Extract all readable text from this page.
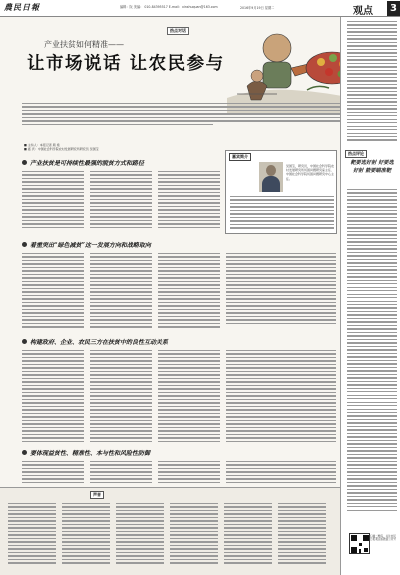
農民日報	编辑：阮 美编： 010-84395517 E-mail：xinshuquan@163.com	2016年9月19日 星期二	观点	3
热点对话
产业扶贫如何精准——
让市场说话 让农民参与
■ 主持人：本报记者 顾 艳
■ 嘉 宾：中国社会科学院农村发展研究所研究员 吴国宝
产业扶贫是可持续性最强的脱贫方式和路径
嘉宾简介
吴国宝，研究员，中国社会科学院农村发展研究所贫困问题研究室主任、中国社会科学院贫困问题研究中心主任。
着重突出“绿色减贫”这一发展方向和战略取向
构建政府、企业、农民三方在扶贫中的良性互动关系
要体现益贫性、精准性、本与性和风险性防御
声音
热点评论
靶要选好射 好要选好射 箭要瞄准靶
扫描二维码，关注农民日报观点版微信公众号
